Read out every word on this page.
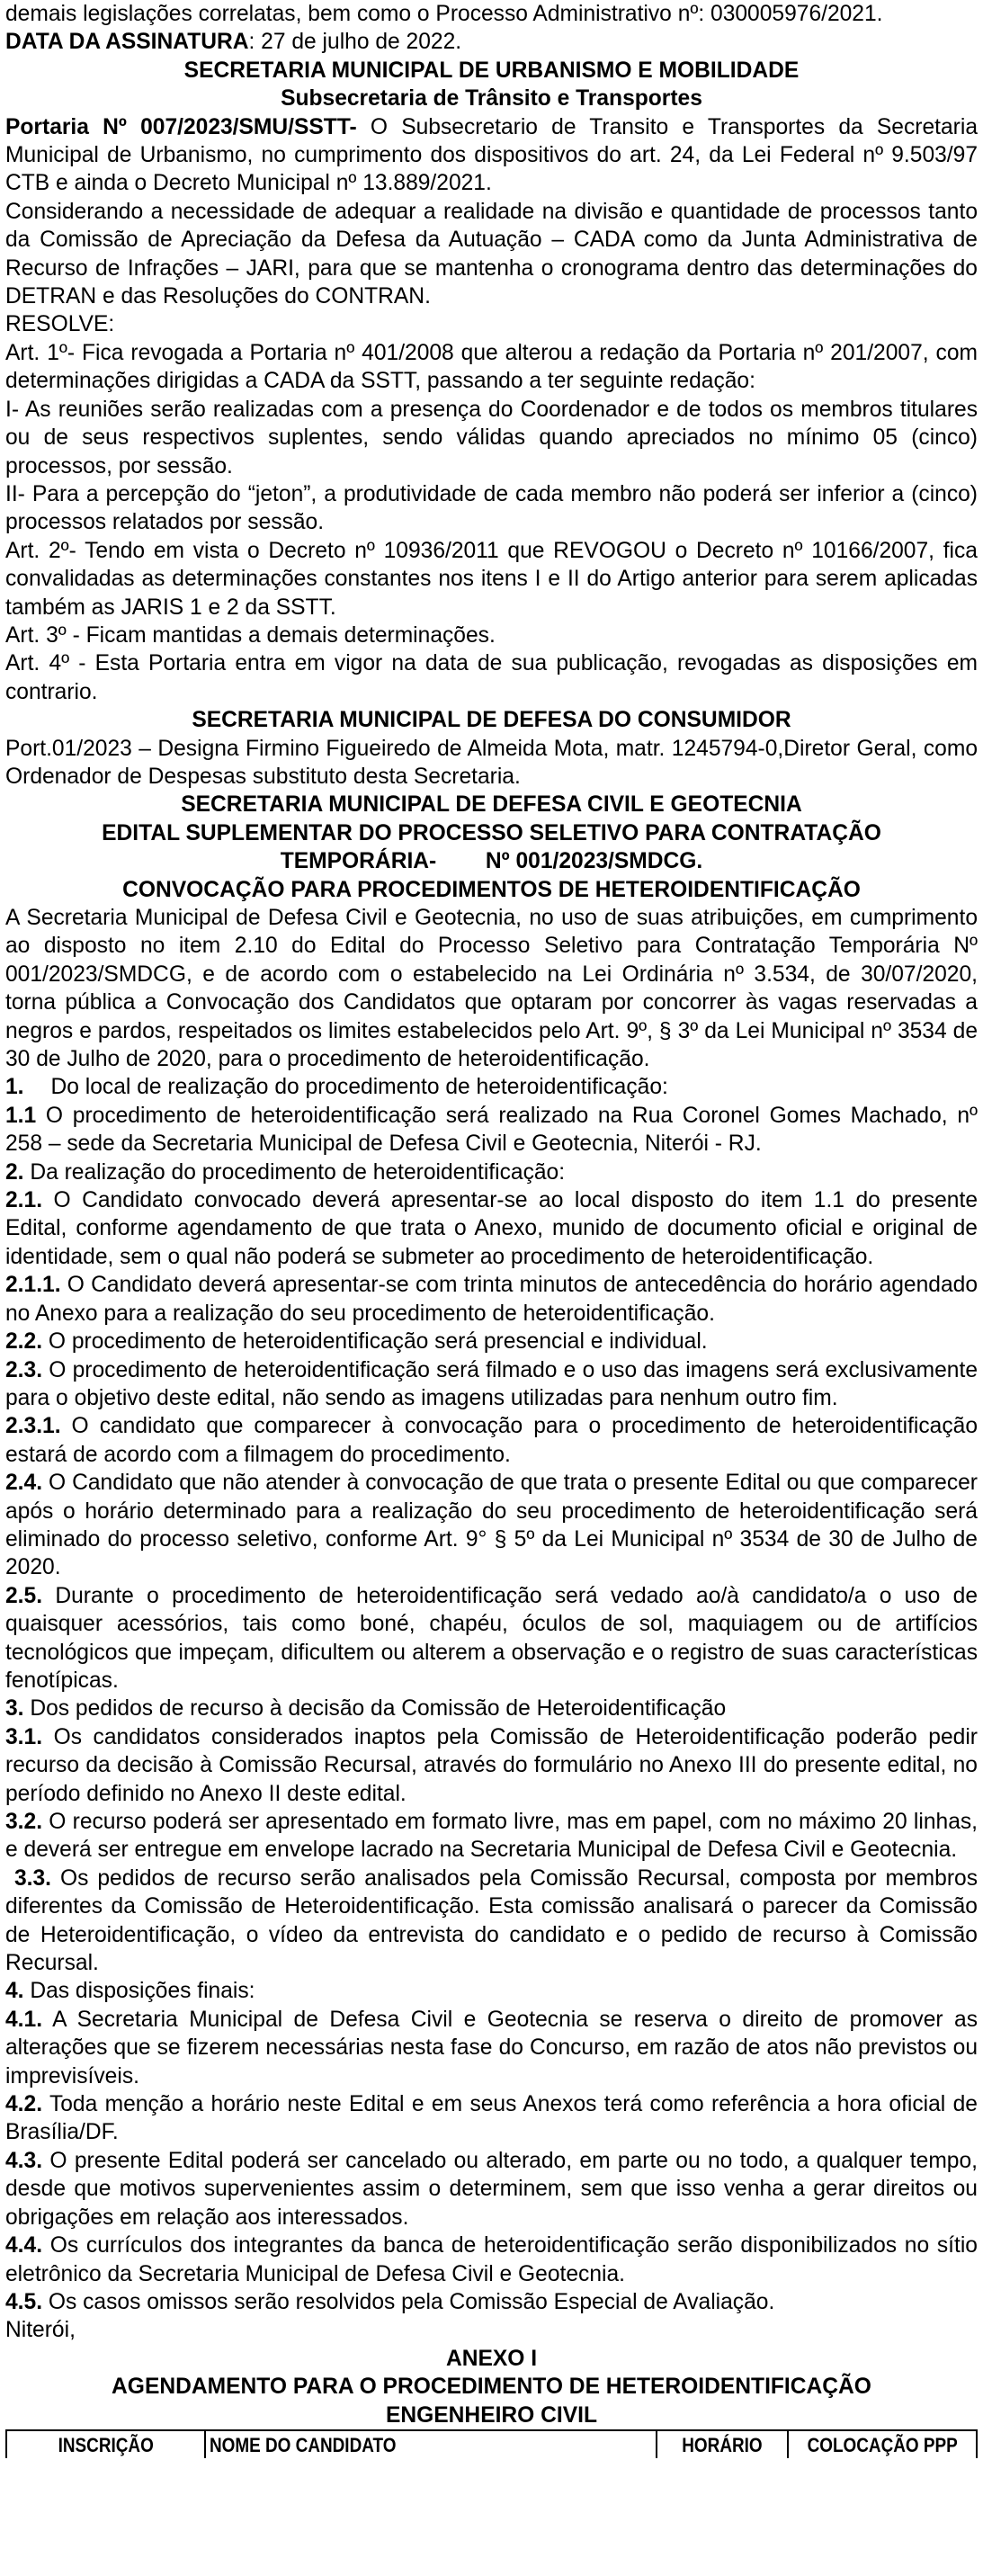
demais legislações correlatas, bem como o Processo Administrativo nº: 030005976/2021.

DATA DA ASSINATURA: 27 de julho de 2022.

SECRETARIA MUNICIPAL DE URBANISMO E MOBILIDADE

Subsecretaria de Trânsito e Transportes

Portaria Nº 007/2023/SMU/SSTT- O Subsecretario de Transito e Transportes da Secretaria Municipal de Urbanismo, no cumprimento dos dispositivos do art. 24, da Lei Federal nº 9.503/97 CTB e ainda o Decreto Municipal nº 13.889/2021.

Considerando a necessidade de adequar a realidade na divisão e quantidade de processos tanto da Comissão de Apreciação da Defesa da Autuação – CADA como da Junta Administrativa de Recurso de Infrações – JARI, para que se mantenha o cronograma dentro das determinações do DETRAN e das Resoluções do CONTRAN.

RESOLVE:

Art. 1º- Fica revogada a Portaria nº 401/2008 que alterou a redação da Portaria nº 201/2007, com determinações dirigidas a CADA da SSTT, passando a ter seguinte redação:

I- As reuniões serão realizadas com a presença do Coordenador e de todos os membros titulares ou de seus respectivos suplentes, sendo válidas quando apreciados no mínimo 05 (cinco) processos, por sessão.

II- Para a percepção do “jeton”, a produtividade de cada membro não poderá ser inferior a (cinco) processos relatados por sessão.

Art. 2º- Tendo em vista o Decreto nº 10936/2011 que REVOGOU o Decreto nº 10166/2007, fica convalidadas as determinações constantes nos itens I e II do Artigo anterior para serem aplicadas também as JARIS 1 e 2 da SSTT.

Art. 3º - Ficam mantidas a demais determinações.

Art. 4º - Esta Portaria entra em vigor na data de sua publicação, revogadas as disposições em contrario.

SECRETARIA MUNICIPAL DE DEFESA DO CONSUMIDOR

Port.01/2023 – Designa Firmino Figueiredo de Almeida Mota, matr. 1245794-0,Diretor Geral, como Ordenador de Despesas substituto desta Secretaria.

SECRETARIA MUNICIPAL DE DEFESA CIVIL E GEOTECNIA

EDITAL SUPLEMENTAR DO PROCESSO SELETIVO PARA CONTRATAÇÃO

TEMPORÁRIA-        Nº 001/2023/SMDCG.

CONVOCAÇÃO PARA PROCEDIMENTOS DE HETEROIDENTIFICAÇÃO

A Secretaria Municipal de Defesa Civil e Geotecnia, no uso de suas atribuições, em cumprimento ao disposto no item 2.10 do Edital do Processo Seletivo para Contratação Temporária Nº 001/2023/SMDCG, e de acordo com o estabelecido na Lei Ordinária nº 3.534, de 30/07/2020, torna pública a Convocação dos Candidatos que optaram por concorrer às vagas reservadas a negros e pardos, respeitados os limites estabelecidos pelo Art. 9º, § 3º da Lei Municipal nº 3534 de 30 de Julho de 2020, para o procedimento de heteroidentificação.

1. Do local de realização do procedimento de heteroidentificação:

1.1 O procedimento de heteroidentificação será realizado na Rua Coronel Gomes Machado, nº 258 – sede da Secretaria Municipal de Defesa Civil e Geotecnia, Niterói - RJ.

2. Da realização do procedimento de heteroidentificação:

2.1. O Candidato convocado deverá apresentar-se ao local disposto do item 1.1 do presente Edital, conforme agendamento de que trata o Anexo, munido de documento oficial e original de identidade, sem o qual não poderá se submeter ao procedimento de heteroidentificação.

2.1.1. O Candidato deverá apresentar-se com trinta minutos de antecedência do horário agendado no Anexo para a realização do seu procedimento de heteroidentificação.

2.2. O procedimento de heteroidentificação será presencial e individual.

2.3. O procedimento de heteroidentificação será filmado e o uso das imagens será exclusivamente para o objetivo deste edital, não sendo as imagens utilizadas para nenhum outro fim.

2.3.1. O candidato que comparecer à convocação para o procedimento de heteroidentificação estará de acordo com a filmagem do procedimento.

2.4. O Candidato que não atender à convocação de que trata o presente Edital ou que comparecer após o horário determinado para a realização do seu procedimento de heteroidentificação será eliminado do processo seletivo, conforme Art. 9° § 5º da Lei Municipal nº 3534 de 30 de Julho de 2020.

2.5. Durante o procedimento de heteroidentificação será vedado ao/à candidato/a o uso de quaisquer acessórios, tais como boné, chapéu, óculos de sol, maquiagem ou de artifícios tecnológicos que impeçam, dificultem ou alterem a observação e o registro de suas características fenotípicas.

3. Dos pedidos de recurso à decisão da Comissão de Heteroidentificação

3.1. Os candidatos considerados inaptos pela Comissão de Heteroidentificação poderão pedir recurso da decisão à Comissão Recursal, através do formulário no Anexo III do presente edital, no período definido no Anexo II deste edital.

3.2. O recurso poderá ser apresentado em formato livre, mas em papel, com no máximo 20 linhas, e deverá ser entregue em envelope lacrado na Secretaria Municipal de Defesa Civil e Geotecnia.

3.3. Os pedidos de recurso serão analisados pela Comissão Recursal, composta por membros diferentes da Comissão de Heteroidentificação. Esta comissão analisará o parecer da Comissão de Heteroidentificação, o vídeo da entrevista do candidato e o pedido de recurso à Comissão Recursal.

4. Das disposições finais:

4.1. A Secretaria Municipal de Defesa Civil e Geotecnia se reserva o direito de promover as alterações que se fizerem necessárias nesta fase do Concurso, em razão de atos não previstos ou imprevisíveis.

4.2. Toda menção a horário neste Edital e em seus Anexos terá como referência a hora oficial de Brasília/DF.

4.3. O presente Edital poderá ser cancelado ou alterado, em parte ou no todo, a qualquer tempo, desde que motivos supervenientes assim o determinem, sem que isso venha a gerar direitos ou obrigações em relação aos interessados.

4.4. Os currículos dos integrantes da banca de heteroidentificação serão disponibilizados no sítio eletrônico da Secretaria Municipal de Defesa Civil e Geotecnia.

4.5. Os casos omissos serão resolvidos pela Comissão Especial de Avaliação.

Niterói,

ANEXO I

AGENDAMENTO PARA O PROCEDIMENTO DE HETEROIDENTIFICAÇÃO

ENGENHEIRO CIVIL

INSCRIÇÃO	NOME DO CANDIDATO	HORÁRIO	COLOCAÇÃO PPP
